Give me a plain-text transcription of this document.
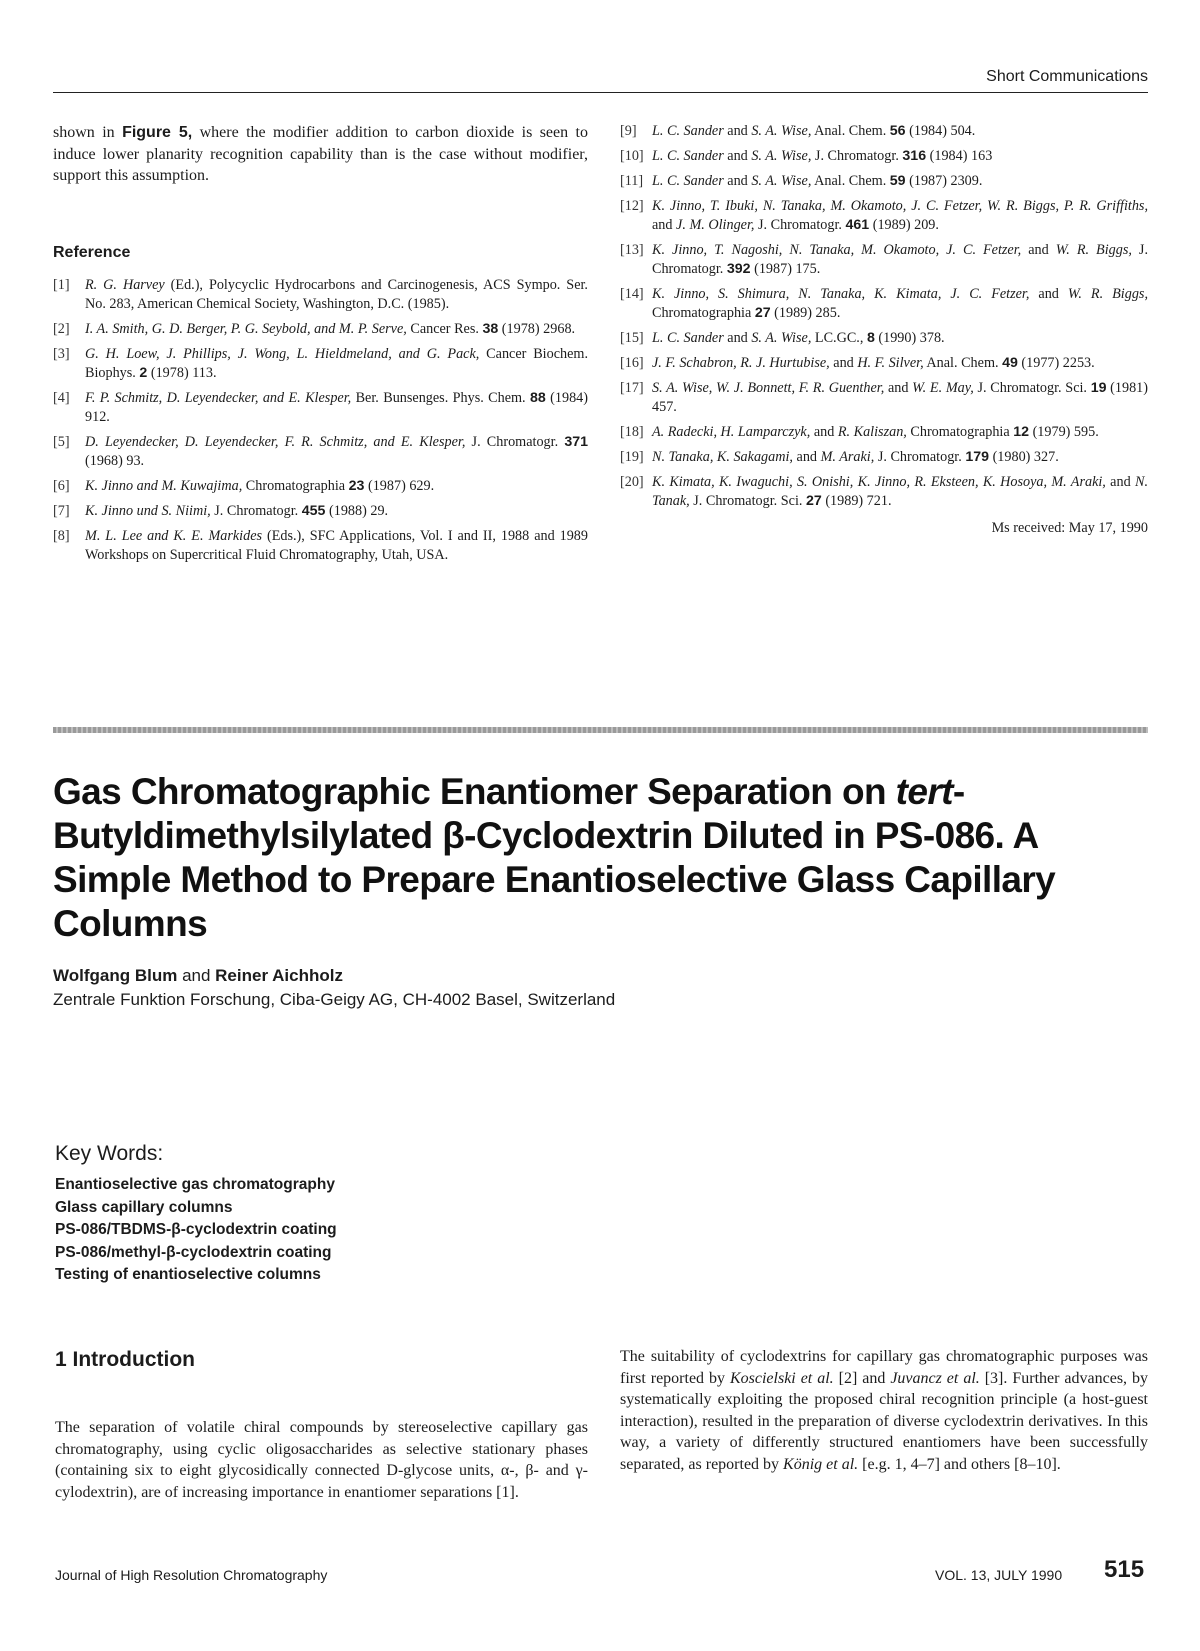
Short Communications
shown in Figure 5, where the modifier addition to carbon dioxide is seen to induce lower planarity recognition capability than is the case without modifier, support this assumption.
Reference
[1] R. G. Harvey (Ed.), Polycyclic Hydrocarbons and Carcinogenesis, ACS Sympo. Ser. No. 283, American Chemical Society, Washington, D.C. (1985).
[2] I. A. Smith, G. D. Berger, P. G. Seybold, and M. P. Serve, Cancer Res. 38 (1978) 2968.
[3] G. H. Loew, J. Phillips, J. Wong, L. Hieldmeland, and G. Pack, Cancer Biochem. Biophys. 2 (1978) 113.
[4] F. P. Schmitz, D. Leyendecker, and E. Klesper, Ber. Bunsenges. Phys. Chem. 88 (1984) 912.
[5] D. Leyendecker, D. Leyendecker, F. R. Schmitz, and E. Klesper, J. Chromatogr. 371 (1968) 93.
[6] K. Jinno and M. Kuwajima, Chromatographia 23 (1987) 629.
[7] K. Jinno und S. Niimi, J. Chromatogr. 455 (1988) 29.
[8] M. L. Lee and K. E. Markides (Eds.), SFC Applications, Vol. I and II, 1988 and 1989 Workshops on Supercritical Fluid Chromatography, Utah, USA.
[9] L. C. Sander and S. A. Wise, Anal. Chem. 56 (1984) 504.
[10] L. C. Sander and S. A. Wise, J. Chromatogr. 316 (1984) 163
[11] L. C. Sander and S. A. Wise, Anal. Chem. 59 (1987) 2309.
[12] K. Jinno, T. Ibuki, N. Tanaka, M. Okamoto, J. C. Fetzer, W. R. Biggs, P. R. Griffiths, and J. M. Olinger, J. Chromatogr. 461 (1989) 209.
[13] K. Jinno, T. Nagoshi, N. Tanaka, M. Okamoto, J. C. Fetzer, and W. R. Biggs, J. Chromatogr. 392 (1987) 175.
[14] K. Jinno, S. Shimura, N. Tanaka, K. Kimata, J. C. Fetzer, and W. R. Biggs, Chromatographia 27 (1989) 285.
[15] L. C. Sander and S. A. Wise, LC.GC., 8 (1990) 378.
[16] J. F. Schabron, R. J. Hurtubise, and H. F. Silver, Anal. Chem. 49 (1977) 2253.
[17] S. A. Wise, W. J. Bonnett, F. R. Guenther, and W. E. May, J. Chromatogr. Sci. 19 (1981) 457.
[18] A. Radecki, H. Lamparczyk, and R. Kaliszan, Chromatographia 12 (1979) 595.
[19] N. Tanaka, K. Sakagami, and M. Araki, J. Chromatogr. 179 (1980) 327.
[20] K. Kimata, K. Iwaguchi, S. Onishi, K. Jinno, R. Eksteen, K. Hosoya, M. Araki, and N. Tanak, J. Chromatogr. Sci. 27 (1989) 721.
Ms received: May 17, 1990
Gas Chromatographic Enantiomer Separation on tert-Butyldimethylsilylated β-Cyclodextrin Diluted in PS-086. A Simple Method to Prepare Enantioselective Glass Capillary Columns
Wolfgang Blum and Reiner Aichholz
Zentrale Funktion Forschung, Ciba-Geigy AG, CH-4002 Basel, Switzerland
Key Words:
Enantioselective gas chromatography
Glass capillary columns
PS-086/TBDMS-β-cyclodextrin coating
PS-086/methyl-β-cyclodextrin coating
Testing of enantioselective columns
1 Introduction
The separation of volatile chiral compounds by stereoselective capillary gas chromatography, using cyclic oligosaccharides as selective stationary phases (containing six to eight glycosidically connected D-glycose units, α-, β- and γ-cylodextrin), are of increasing importance in enantiomer separations [1].
The suitability of cyclodextrins for capillary gas chromatographic purposes was first reported by Koscielski et al. [2] and Juvancz et al. [3]. Further advances, by systematically exploiting the proposed chiral recognition principle (a host-guest interaction), resulted in the preparation of diverse cyclodextrin derivatives. In this way, a variety of differently structured enantiomers have been successfully separated, as reported by König et al. [e.g. 1, 4–7] and others [8–10].
Journal of High Resolution Chromatography	VOL. 13, JULY 1990 515
